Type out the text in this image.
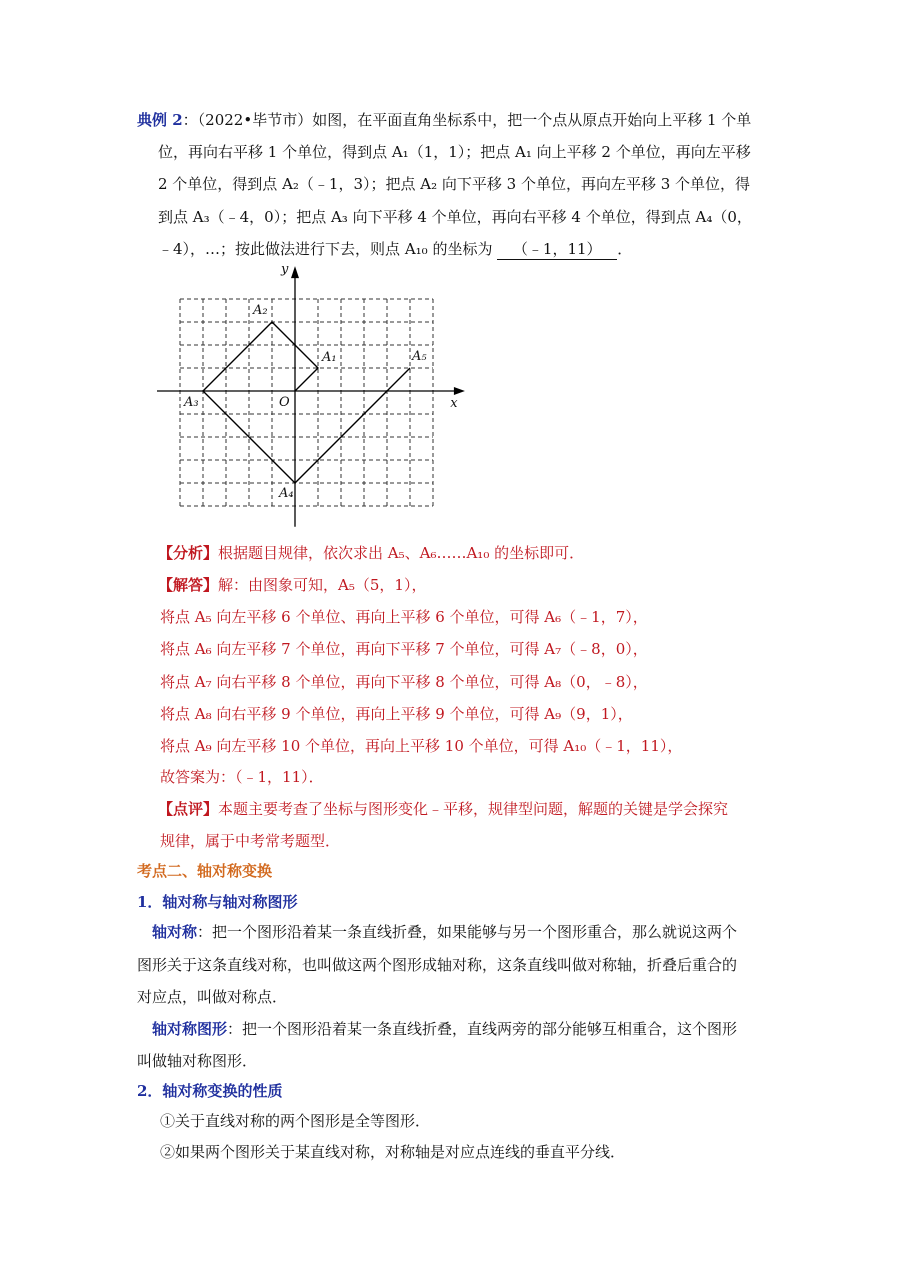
典例 2：（2022•毕节市）如图，在平面直角坐标系中，把一个点从原点开始向上平移 1 个单
位，再向右平移 1 个单位，得到点 A₁（1，1）；把点 A₁ 向上平移 2 个单位，再向左平移
2 个单位，得到点 A₂（﹣1，3）；把点 A₂ 向下平移 3 个单位，再向左平移 3 个单位，得
到点 A₃（﹣4，0）；把点 A₃ 向下平移 4 个单位，再向右平移 4 个单位，得到点 A₄（0，
﹣4），…；按此做法进行下去，则点 A₁₀ 的坐标为 （﹣1，11） ．
A₁
A₂
A₃
A₄
A₅
x
y
O
【分析】根据题目规律，依次求出 A₅、A₆……A₁₀ 的坐标即可．
【解答】解：由图象可知，A₅（5，1），
将点 A₅ 向左平移 6 个单位、再向上平移 6 个单位，可得 A₆（﹣1，7），
将点 A₆ 向左平移 7 个单位，再向下平移 7 个单位，可得 A₇（﹣8，0），
将点 A₇ 向右平移 8 个单位，再向下平移 8 个单位，可得 A₈（0，﹣8），
将点 A₈ 向右平移 9 个单位，再向上平移 9 个单位，可得 A₉（9，1），
将点 A₉ 向左平移 10 个单位，再向上平移 10 个单位，可得 A₁₀（﹣1，11），
故答案为：（﹣1，11）．
【点评】本题主要考查了坐标与图形变化﹣平移，规律型问题，解题的关键是学会探究
规律，属于中考常考题型．
考点二、轴对称变换
1．轴对称与轴对称图形
轴对称：把一个图形沿着某一条直线折叠，如果能够与另一个图形重合，那么就说这两个
图形关于这条直线对称，也叫做这两个图形成轴对称，这条直线叫做对称轴，折叠后重合的
对应点，叫做对称点．
轴对称图形：把一个图形沿着某一条直线折叠，直线两旁的部分能够互相重合，这个图形
叫做轴对称图形．
2．轴对称变换的性质
①关于直线对称的两个图形是全等图形．
②如果两个图形关于某直线对称，对称轴是对应点连线的垂直平分线．
